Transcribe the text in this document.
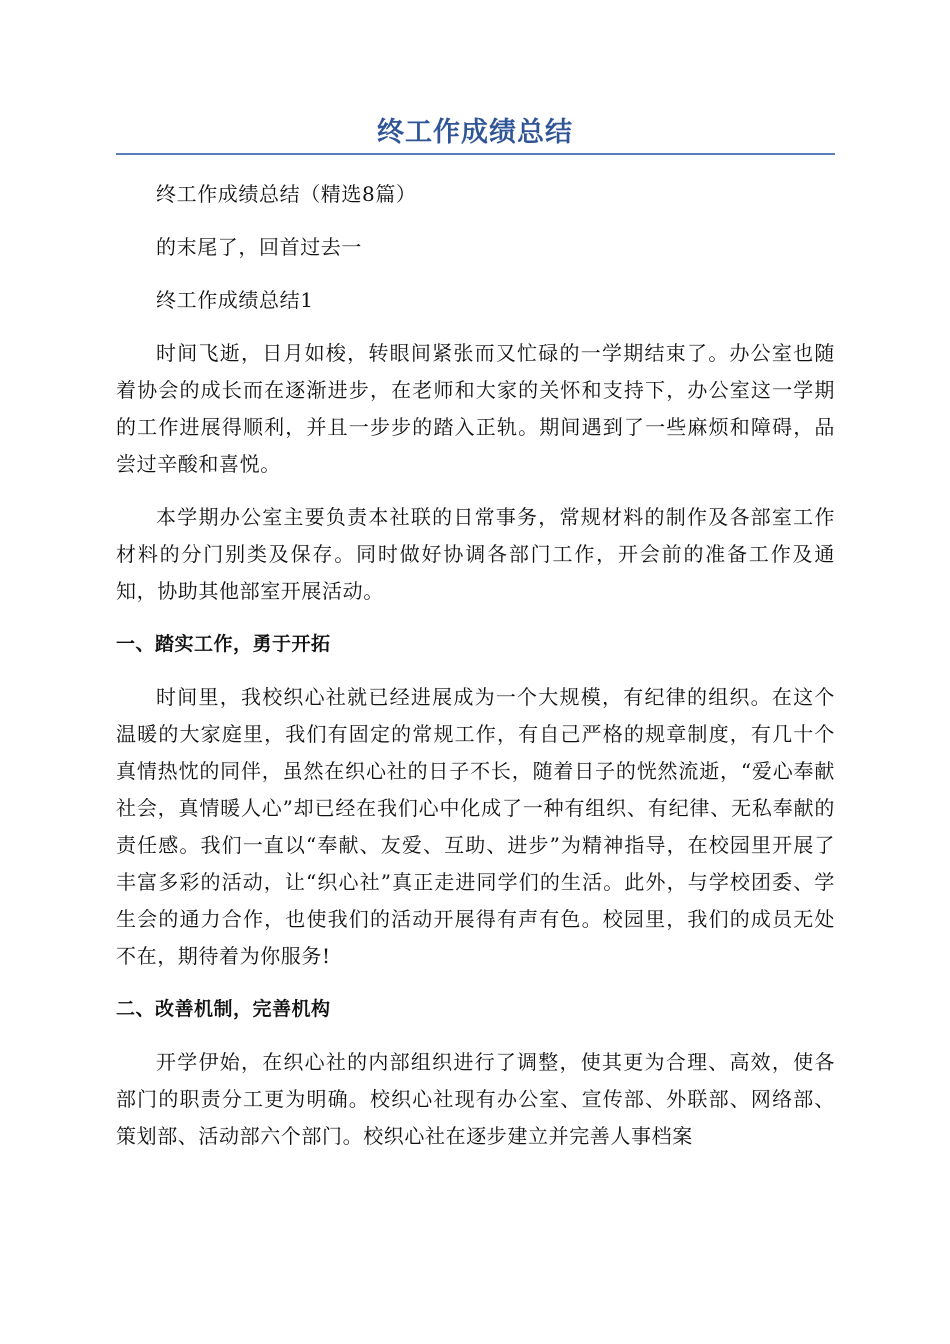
终工作成绩总结

终工作成绩总结（精选8篇）

的末尾了，回首过去一

终工作成绩总结1

时间飞逝，日月如梭，转眼间紧张而又忙碌的一学期结束了。办公室也随着协会的成长而在逐渐进步，在老师和大家的关怀和支持下，办公室这一学期的工作进展得顺利，并且一步步的踏入正轨。期间遇到了一些麻烦和障碍，品尝过辛酸和喜悦。

本学期办公室主要负责本社联的日常事务，常规材料的制作及各部室工作材料的分门别类及保存。同时做好协调各部门工作，开会前的准备工作及通知，协助其他部室开展活动。

一、踏实工作，勇于开拓

时间里，我校织心社就已经进展成为一个大规模，有纪律的组织。在这个温暖的大家庭里，我们有固定的常规工作，有自己严格的规章制度，有几十个真情热忱的同伴，虽然在织心社的日子不长，随着日子的恍然流逝，“爱心奉献社会，真情暖人心”却已经在我们心中化成了一种有组织、有纪律、无私奉献的责任感。我们一直以“奉献、友爱、互助、进步”为精神指导，在校园里开展了丰富多彩的活动，让“织心社”真正走进同学们的生活。此外，与学校团委、学生会的通力合作，也使我们的活动开展得有声有色。校园里，我们的成员无处不在，期待着为你服务!

二、改善机制，完善机构

开学伊始，在织心社的内部组织进行了调整，使其更为合理、高效，使各部门的职责分工更为明确。校织心社现有办公室、宣传部、外联部、网络部、策划部、活动部六个部门。校织心社在逐步建立并完善人事档案
